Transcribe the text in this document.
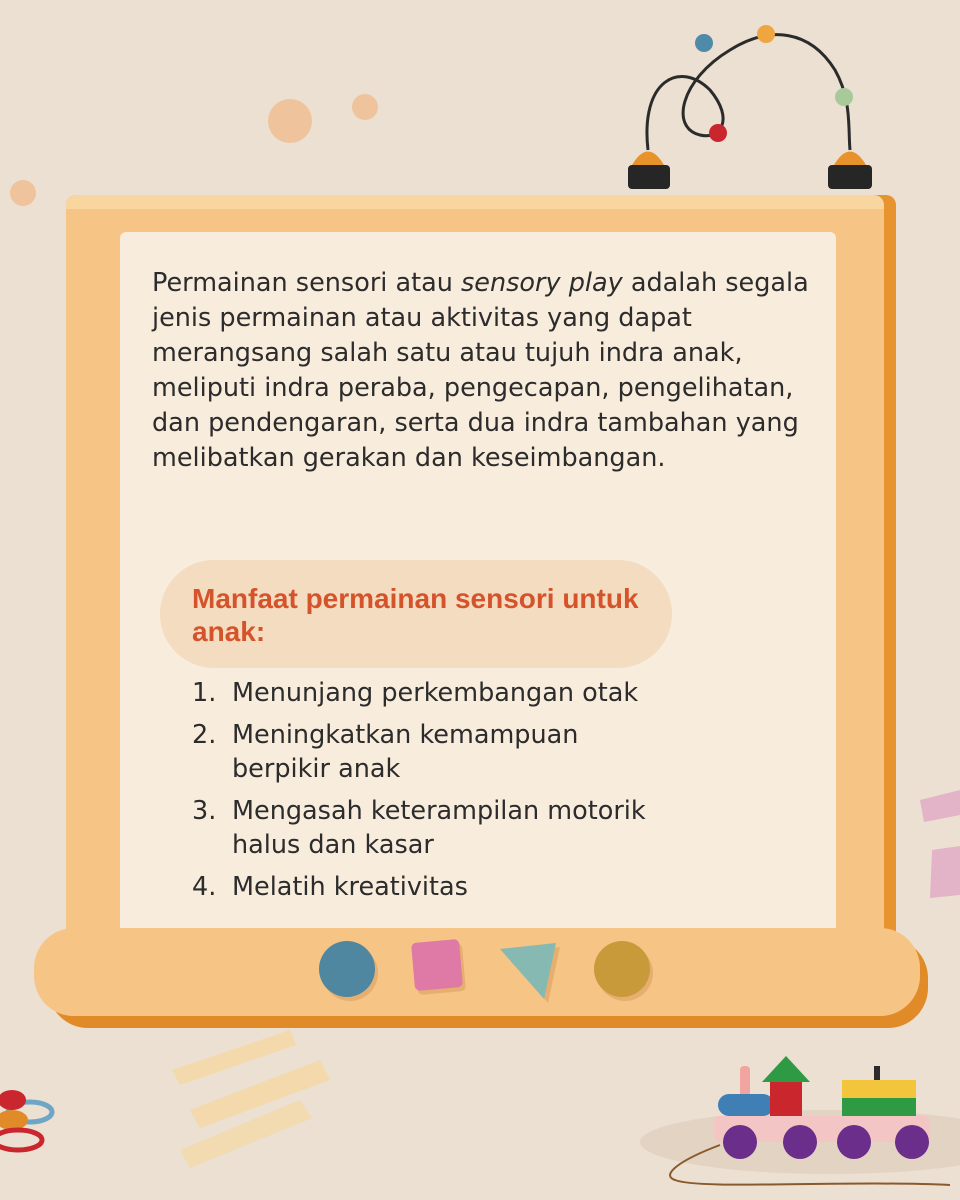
Permainan sensori atau sensory play adalah segala jenis permainan atau aktivitas yang dapat merangsang salah satu atau tujuh indra anak, meliputi indra peraba, pengecapan, pengelihatan, dan pendengaran, serta dua indra tambahan yang melibatkan gerakan dan keseimbangan.

Manfaat permainan sensori untuk anak:

1. Menunjang perkembangan otak
2. Meningkatkan kemampuan berpikir anak
3. Mengasah keterampilan motorik halus dan kasar
4. Melatih kreativitas
